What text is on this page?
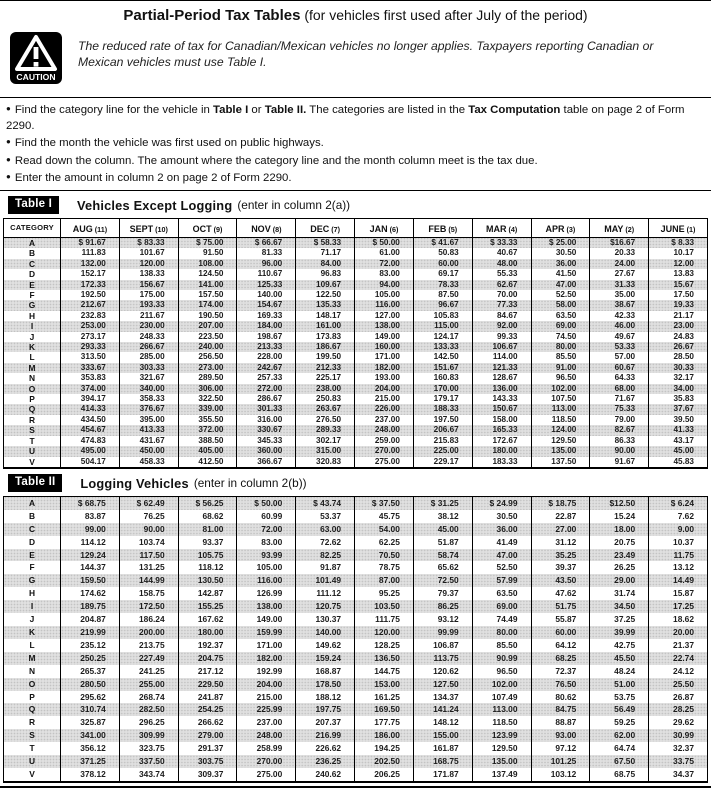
Partial-Period Tax Tables (for vehicles first used after July of the period)
CAUTION
The reduced rate of tax for Canadian/Mexican vehicles no longer applies. Taxpayers reporting Canadian or Mexican vehicles must use Table I.
● Find the category line for the vehicle in Table I or Table II. The categories are listed in the Tax Computation table on page 2 of Form 2290.
● Find the month the vehicle was first used on public highways.
● Read down the column. The amount where the category line and the month column meet is the tax due.
● Enter the amount in column 2 on page 2 of Form 2290.
Table I	Vehicles Except Logging (enter in column 2(a))
CATEGORY	AUG (11)	SEPT (10)	OCT (9)	NOV (8)	DEC (7)	JAN (6)	FEB (5)	MAR (4)	APR (3)	MAY (2)	JUNE (1)
A	$ 91.67	$ 83.33	$ 75.00	$ 66.67	$ 58.33	$ 50.00	$ 41.67	$ 33.33	$ 25.00	$16.67	$ 8.33
B	111.83	101.67	91.50	81.33	71.17	61.00	50.83	40.67	30.50	20.33	10.17
C	132.00	120.00	108.00	96.00	84.00	72.00	60.00	48.00	36.00	24.00	12.00
D	152.17	138.33	124.50	110.67	96.83	83.00	69.17	55.33	41.50	27.67	13.83
E	172.33	156.67	141.00	125.33	109.67	94.00	78.33	62.67	47.00	31.33	15.67
F	192.50	175.00	157.50	140.00	122.50	105.00	87.50	70.00	52.50	35.00	17.50
G	212.67	193.33	174.00	154.67	135.33	116.00	96.67	77.33	58.00	38.67	19.33
H	232.83	211.67	190.50	169.33	148.17	127.00	105.83	84.67	63.50	42.33	21.17
I	253.00	230.00	207.00	184.00	161.00	138.00	115.00	92.00	69.00	46.00	23.00
J	273.17	248.33	223.50	198.67	173.83	149.00	124.17	99.33	74.50	49.67	24.83
K	293.33	266.67	240.00	213.33	186.67	160.00	133.33	106.67	80.00	53.33	26.67
L	313.50	285.00	256.50	228.00	199.50	171.00	142.50	114.00	85.50	57.00	28.50
M	333.67	303.33	273.00	242.67	212.33	182.00	151.67	121.33	91.00	60.67	30.33
N	353.83	321.67	289.50	257.33	225.17	193.00	160.83	128.67	96.50	64.33	32.17
O	374.00	340.00	306.00	272.00	238.00	204.00	170.00	136.00	102.00	68.00	34.00
P	394.17	358.33	322.50	286.67	250.83	215.00	179.17	143.33	107.50	71.67	35.83
Q	414.33	376.67	339.00	301.33	263.67	226.00	188.33	150.67	113.00	75.33	37.67
R	434.50	395.00	355.50	316.00	276.50	237.00	197.50	158.00	118.50	79.00	39.50
S	454.67	413.33	372.00	330.67	289.33	248.00	206.67	165.33	124.00	82.67	41.33
T	474.83	431.67	388.50	345.33	302.17	259.00	215.83	172.67	129.50	86.33	43.17
U	495.00	450.00	405.00	360.00	315.00	270.00	225.00	180.00	135.00	90.00	45.00
V	504.17	458.33	412.50	366.67	320.83	275.00	229.17	183.33	137.50	91.67	45.83
Table II	Logging Vehicles (enter in column 2(b))
A	$ 68.75	$ 62.49	$ 56.25	$ 50.00	$ 43.74	$ 37.50	$ 31.25	$ 24.99	$ 18.75	$12.50	$ 6.24
B	83.87	76.25	68.62	60.99	53.37	45.75	38.12	30.50	22.87	15.24	7.62
C	99.00	90.00	81.00	72.00	63.00	54.00	45.00	36.00	27.00	18.00	9.00
D	114.12	103.74	93.37	83.00	72.62	62.25	51.87	41.49	31.12	20.75	10.37
E	129.24	117.50	105.75	93.99	82.25	70.50	58.74	47.00	35.25	23.49	11.75
F	144.37	131.25	118.12	105.00	91.87	78.75	65.62	52.50	39.37	26.25	13.12
G	159.50	144.99	130.50	116.00	101.49	87.00	72.50	57.99	43.50	29.00	14.49
H	174.62	158.75	142.87	126.99	111.12	95.25	79.37	63.50	47.62	31.74	15.87
I	189.75	172.50	155.25	138.00	120.75	103.50	86.25	69.00	51.75	34.50	17.25
J	204.87	186.24	167.62	149.00	130.37	111.75	93.12	74.49	55.87	37.25	18.62
K	219.99	200.00	180.00	159.99	140.00	120.00	99.99	80.00	60.00	39.99	20.00
L	235.12	213.75	192.37	171.00	149.62	128.25	106.87	85.50	64.12	42.75	21.37
M	250.25	227.49	204.75	182.00	159.24	136.50	113.75	90.99	68.25	45.50	22.74
N	265.37	241.25	217.12	192.99	168.87	144.75	120.62	96.50	72.37	48.24	24.12
O	280.50	255.00	229.50	204.00	178.50	153.00	127.50	102.00	76.50	51.00	25.50
P	295.62	268.74	241.87	215.00	188.12	161.25	134.37	107.49	80.62	53.75	26.87
Q	310.74	282.50	254.25	225.99	197.75	169.50	141.24	113.00	84.75	56.49	28.25
R	325.87	296.25	266.62	237.00	207.37	177.75	148.12	118.50	88.87	59.25	29.62
S	341.00	309.99	279.00	248.00	216.99	186.00	155.00	123.99	93.00	62.00	30.99
T	356.12	323.75	291.37	258.99	226.62	194.25	161.87	129.50	97.12	64.74	32.37
U	371.25	337.50	303.75	270.00	236.25	202.50	168.75	135.00	101.25	67.50	33.75
V	378.12	343.74	309.37	275.00	240.62	206.25	171.87	137.49	103.12	68.75	34.37
